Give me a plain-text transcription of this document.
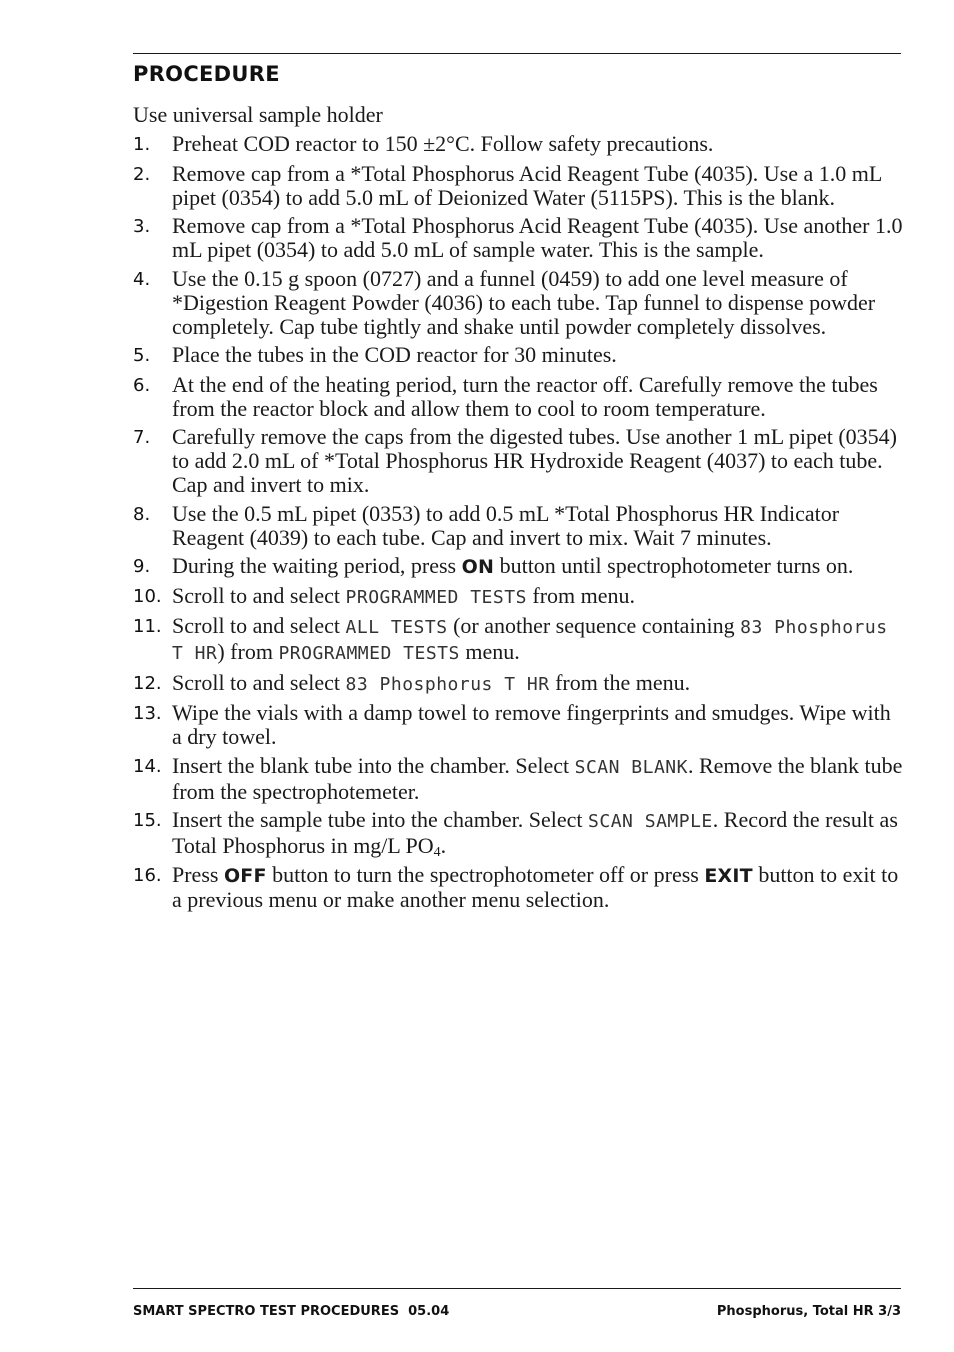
PROCEDURE
Use universal sample holder
1. Preheat COD reactor to 150 ±2°C. Follow safety precautions.
2. Remove cap from a *Total Phosphorus Acid Reagent Tube (4035). Use a 1.0 mL pipet (0354) to add 5.0 mL of Deionized Water (5115PS). This is the blank.
3. Remove cap from a *Total Phosphorus Acid Reagent Tube (4035). Use another 1.0 mL pipet (0354) to add 5.0 mL of sample water. This is the sample.
4. Use the 0.15 g spoon (0727) and a funnel (0459) to add one level measure of *Digestion Reagent Powder (4036) to each tube. Tap funnel to dispense powder completely. Cap tube tightly and shake until powder completely dissolves.
5. Place the tubes in the COD reactor for 30 minutes.
6. At the end of the heating period, turn the reactor off. Carefully remove the tubes from the reactor block and allow them to cool to room temperature.
7. Carefully remove the caps from the digested tubes. Use another 1 mL pipet (0354) to add 2.0 mL of *Total Phosphorus HR Hydroxide Reagent (4037) to each tube. Cap and invert to mix.
8. Use the 0.5 mL pipet (0353) to add 0.5 mL *Total Phosphorus HR Indicator Reagent (4039) to each tube. Cap and invert to mix. Wait 7 minutes.
9. During the waiting period, press ON button until spectrophotometer turns on.
10. Scroll to and select PROGRAMMED TESTS from menu.
11. Scroll to and select ALL TESTS (or another sequence containing 83 Phosphorus T HR) from PROGRAMMED TESTS menu.
12. Scroll to and select 83 Phosphorus T HR from the menu.
13. Wipe the vials with a damp towel to remove fingerprints and smudges. Wipe with a dry towel.
14. Insert the blank tube into the chamber. Select SCAN BLANK. Remove the blank tube from the spectrophotemeter.
15. Insert the sample tube into the chamber. Select SCAN SAMPLE. Record the result as Total Phosphorus in mg/L $PO_4$.
16. Press OFF button to turn the spectrophotometer off or press EXIT button to exit to a previous menu or make another menu selection.
SMART SPECTRO TEST PROCEDURES  05.04	Phosphorus, Total HR 3/3
